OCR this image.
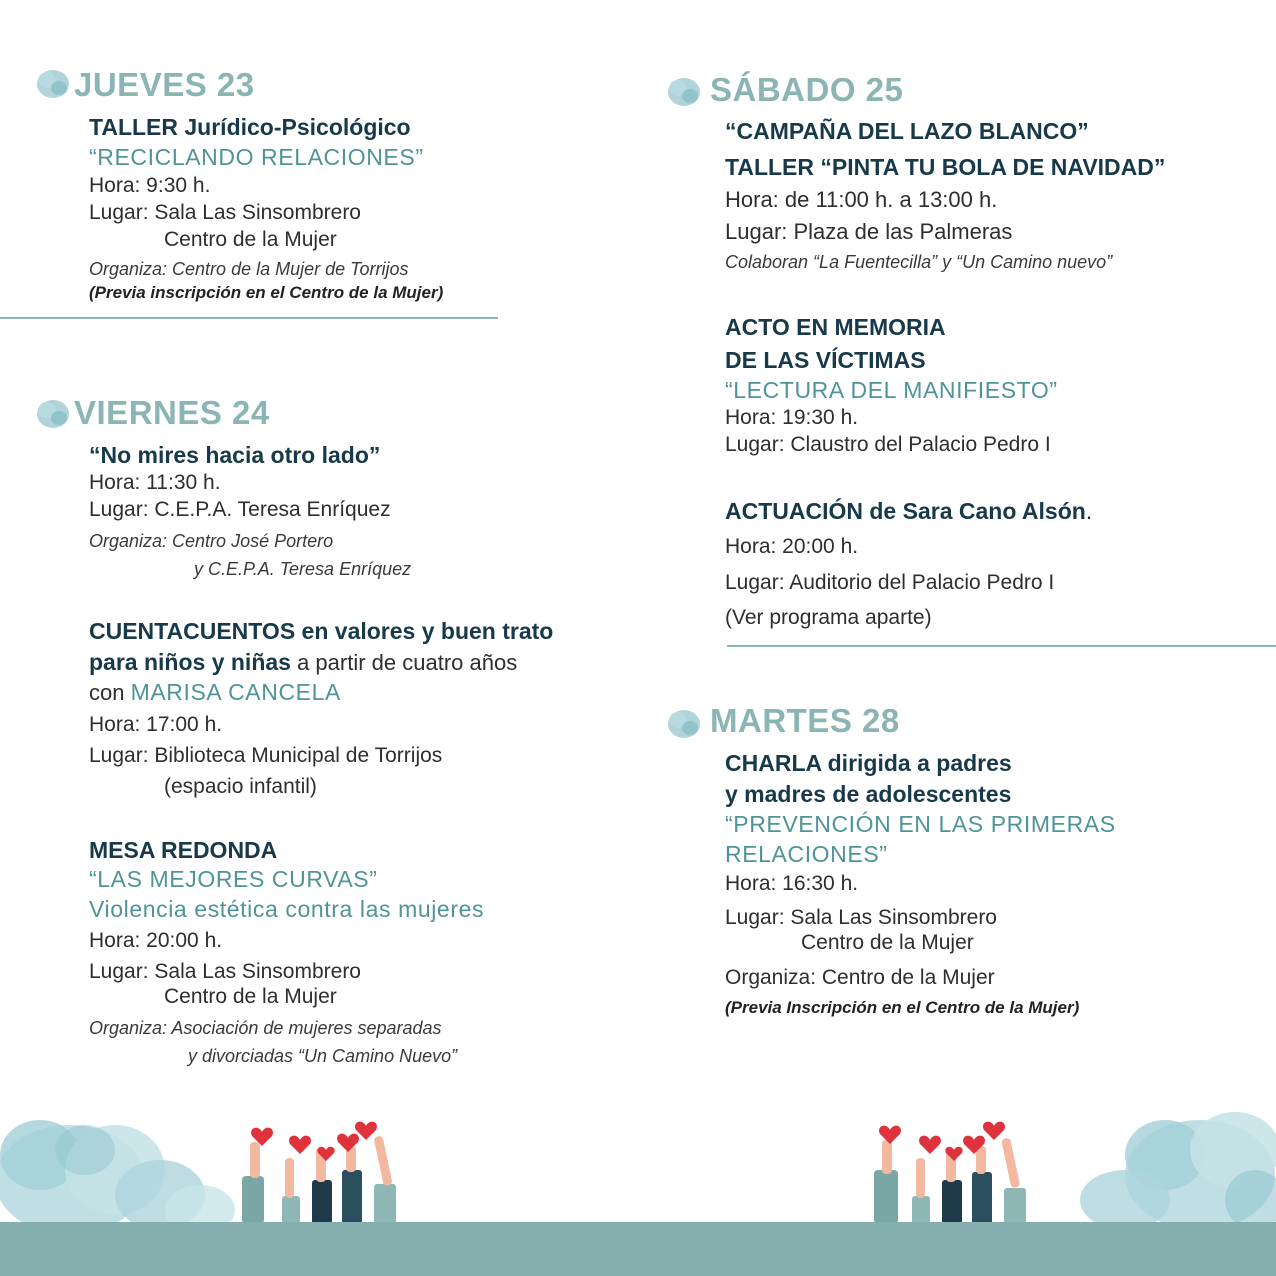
JUEVES 23
TALLER Jurídico-Psicológico
“RECICLANDO RELACIONES”
Hora: 9:30 h.
Lugar: Sala Las Sinsombrero
Centro de la Mujer
Organiza: Centro de la Mujer de Torrijos
(Previa inscripción en el Centro de la Mujer)
VIERNES 24
“No mires hacia otro lado”
Hora: 11:30 h.
Lugar: C.E.P.A. Teresa Enríquez
Organiza: Centro José Portero
y C.E.P.A. Teresa Enríquez
CUENTACUENTOS en valores y buen trato
para niños y niñas a partir de cuatro años
con MARISA CANCELA
Hora: 17:00 h.
Lugar: Biblioteca Municipal de Torrijos
(espacio infantil)
MESA REDONDA
“LAS MEJORES CURVAS”
Violencia estética contra las mujeres
Hora: 20:00 h.
Lugar: Sala Las Sinsombrero
Centro de la Mujer
Organiza: Asociación de mujeres separadas
y divorciadas “Un Camino Nuevo”
SÁBADO 25
“CAMPAÑA DEL LAZO BLANCO”
TALLER “PINTA TU BOLA DE NAVIDAD”
Hora: de 11:00 h. a 13:00 h.
Lugar: Plaza de las Palmeras
Colaboran “La Fuentecilla” y “Un Camino nuevo”
ACTO EN MEMORIA
DE LAS VÍCTIMAS
“LECTURA DEL MANIFIESTO”
Hora: 19:30 h.
Lugar: Claustro del Palacio Pedro I
ACTUACIÓN de Sara Cano Alsón.
Hora: 20:00 h.
Lugar: Auditorio del Palacio Pedro I
(Ver programa aparte)
MARTES 28
CHARLA dirigida a padres
y madres de adolescentes
“PREVENCIÓN EN LAS PRIMERAS
RELACIONES”
Hora: 16:30 h.
Lugar: Sala Las Sinsombrero
Centro de la Mujer
Organiza: Centro de la Mujer
(Previa Inscripción en el Centro de la Mujer)
